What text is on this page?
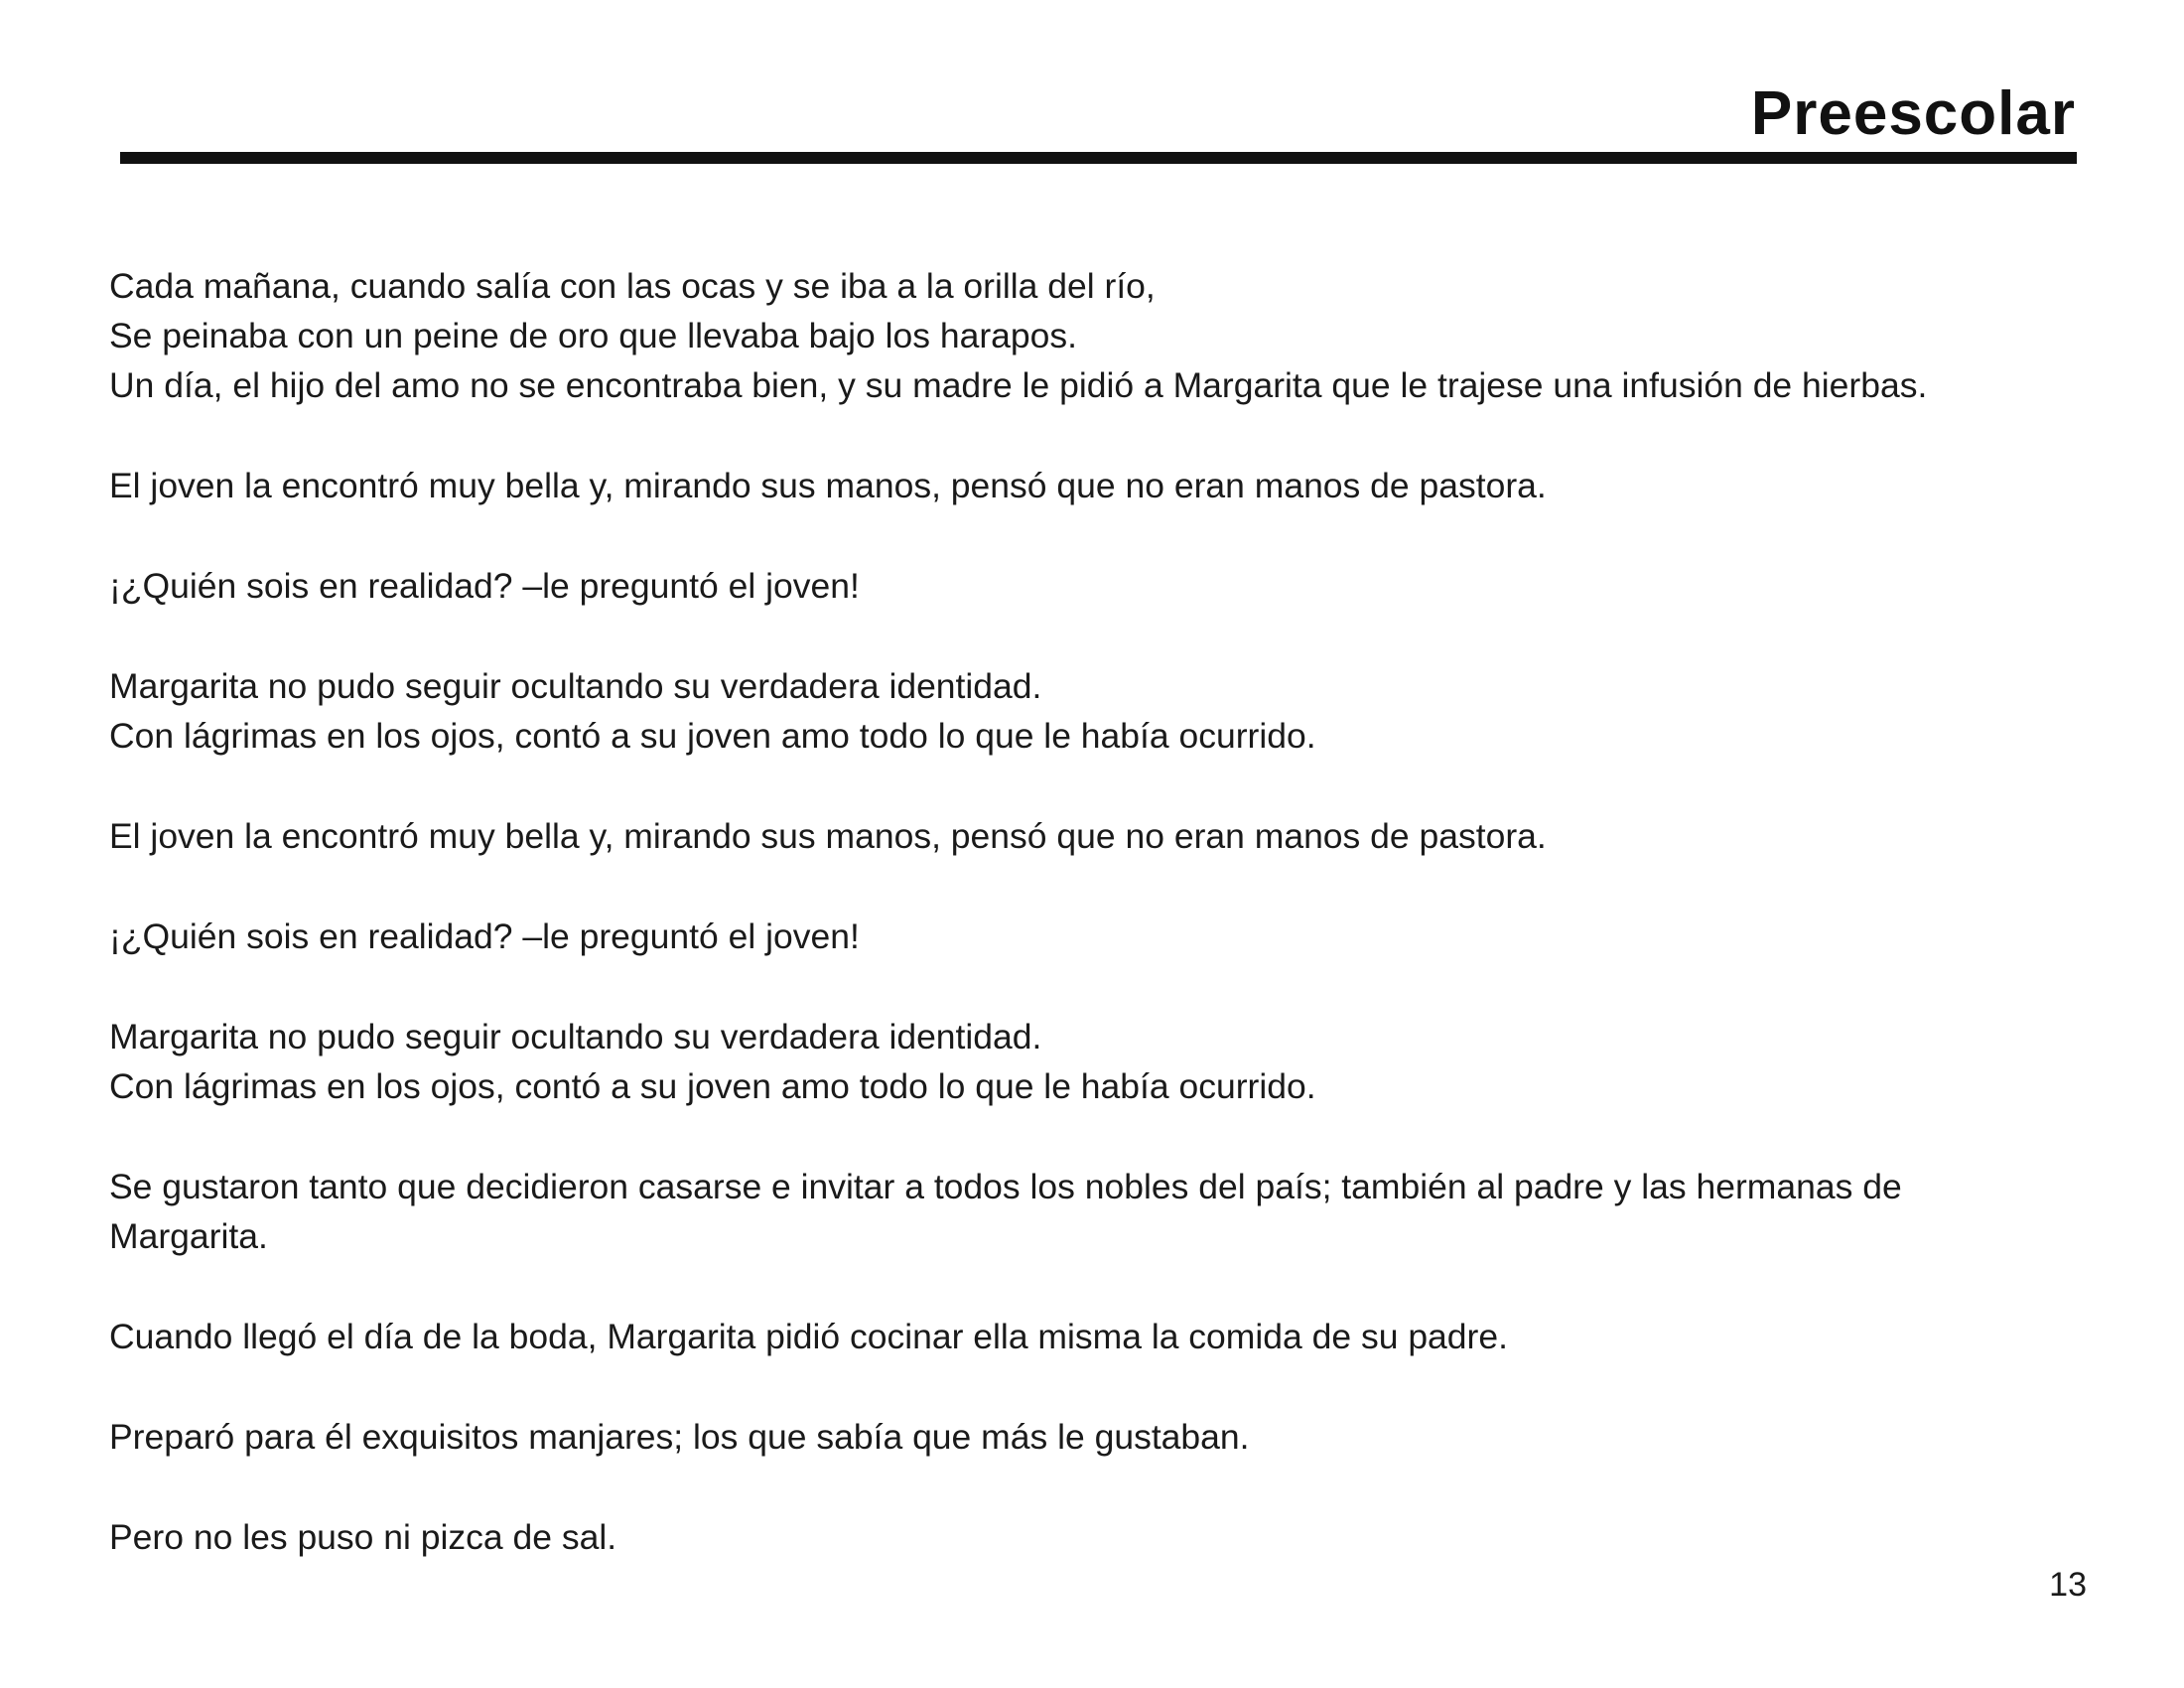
Preescolar

Cada mañana, cuando salía con las ocas y se iba a la orilla del río,
Se peinaba con un peine de oro que llevaba bajo los harapos.
Un día, el hijo del amo no se encontraba bien, y su madre le pidió a Margarita que le trajese una infusión de hierbas.

El joven la encontró muy bella y, mirando sus manos, pensó que no eran manos de pastora.

¡¿Quién sois en realidad? –le preguntó el joven!

Margarita no pudo seguir ocultando su verdadera identidad.
Con lágrimas en los ojos, contó a su joven amo todo lo que le había ocurrido.

El joven la encontró muy bella y, mirando sus manos, pensó que no eran manos de pastora.

¡¿Quién sois en realidad? –le preguntó el joven!

Margarita no pudo seguir ocultando su verdadera identidad.
Con lágrimas en los ojos, contó a su joven amo todo lo que le había ocurrido.

Se gustaron tanto que decidieron casarse e invitar a todos los nobles del país; también al padre y las hermanas de
Margarita.

Cuando llegó el día de la boda, Margarita pidió cocinar ella misma la comida de su padre.

Preparó para él exquisitos manjares; los que sabía que más le gustaban.

Pero no les puso ni pizca de sal.

13
